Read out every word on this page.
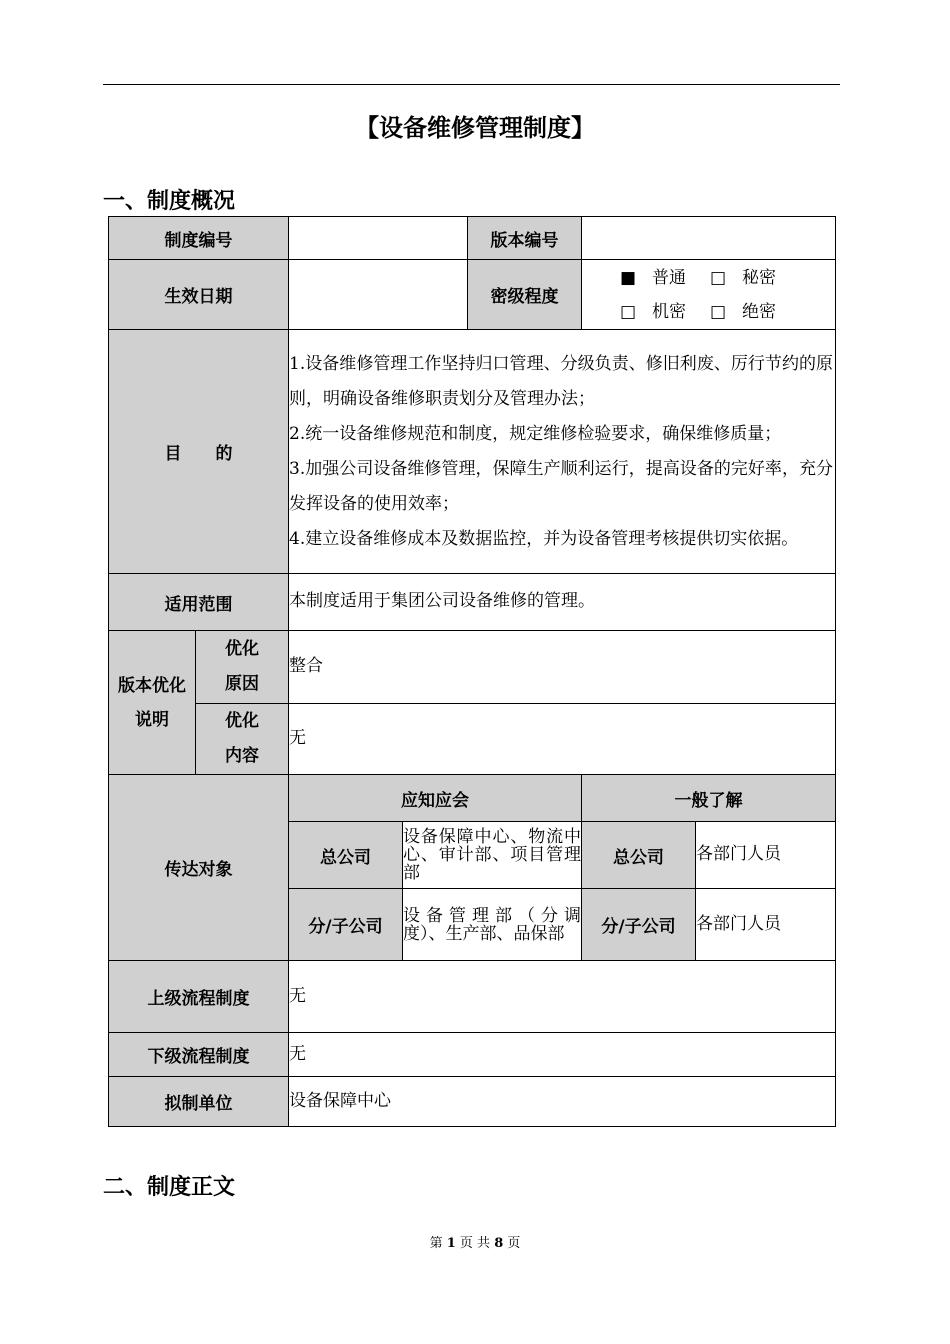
【设备维修管理制度】
一、制度概况
制度编号				版本编号		
生效日期				密级程度	■ 普通 □ 秘密
□ 机密 □ 绝密	

目　　的		1.设备维修管理工作坚持归口管理、分级负责、修旧利废、厉行节约的原则，明确设备维修职责划分及管理办法；
2.统一设备维修规范和制度，规定维修检验要求，确保维修质量；
3.加强公司设备维修管理，保障生产顺利运行，提高设备的完好率，充分发挥设备的使用效率；
4.建立设备维修成本及数据监控，并为设备管理考核提供切实依据。				

适用范围		本制度适用于集团公司设备维修的管理。				
版本优化说明	优化原因	整合				
	优化内容	无				
传达对象		应知应会			一般了解	
		总公司	设备保障中心、物流中心、审计部、项目管理部		总公司	各部门人员
		分/子公司	设备管理部（分调度）、生产部、品保部		分/子公司	各部门人员
上级流程制度		无				
下级流程制度		无				
拟制单位		设备保障中心				
二、制度正文
第 1 页 共 8 页
